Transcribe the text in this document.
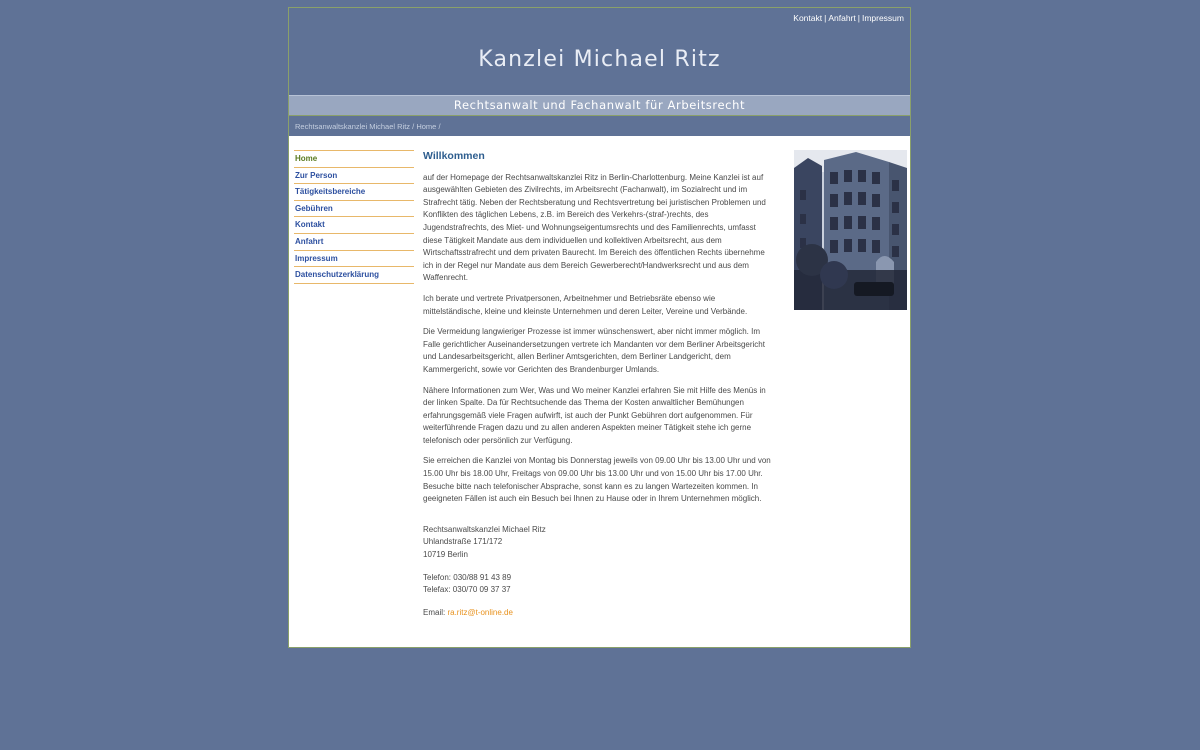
Kontakt | Anfahrt | Impressum
Kanzlei Michael Ritz
Rechtsanwalt und Fachanwalt für Arbeitsrecht
Rechtsanwaltskanzlei Michael Ritz / Home /
Home
Zur Person
Tätigkeitsbereiche
Gebühren
Kontakt
Anfahrt
Impressum
Datenschutzerklärung
Willkommen

auf der Homepage der Rechtsanwaltskanzlei Ritz in Berlin-Charlottenburg. Meine Kanzlei ist auf ausgewählten Gebieten des Zivilrechts, im Arbeitsrecht (Fachanwalt), im Sozialrecht und im Strafrecht tätig. Neben der Rechtsberatung und Rechtsvertretung bei juristischen Problemen und Konflikten des täglichen Lebens, z.B. im Bereich des Verkehrs-(straf-)rechts, des Jugendstrafrechts, des Miet- und Wohnungseigentumsrechts und des Familienrechts, umfasst diese Tätigkeit Mandate aus dem individuellen und kollektiven Arbeitsrecht, aus dem Wirtschaftsstrafrecht und dem privaten Baurecht. Im Bereich des öffentlichen Rechts übernehme ich in der Regel nur Mandate aus dem Bereich Gewerberecht/Handwerksrecht und aus dem Waffenrecht.

Ich berate und vertrete Privatpersonen, Arbeitnehmer und Betriebsräte ebenso wie mittelständische, kleine und kleinste Unternehmen und deren Leiter, Vereine und Verbände.

Die Vermeidung langwieriger Prozesse ist immer wünschenswert, aber nicht immer möglich. Im Falle gerichtlicher Auseinandersetzungen vertrete ich Mandanten vor dem Berliner Arbeitsgericht und Landesarbeitsgericht, allen Berliner Amtsgerichten, dem Berliner Landgericht, dem Kammergericht, sowie vor Gerichten des Brandenburger Umlands.

Nähere Informationen zum Wer, Was und Wo meiner Kanzlei erfahren Sie mit Hilfe des Menüs in der linken Spalte. Da für Rechtsuchende das Thema der Kosten anwaltlicher Bemühungen erfahrungsgemäß viele Fragen aufwirft, ist auch der Punkt Gebühren dort aufgenommen. Für weiterführende Fragen dazu und zu allen anderen Aspekten meiner Tätigkeit stehe ich gerne telefonisch oder persönlich zur Verfügung.

Sie erreichen die Kanzlei von Montag bis Donnerstag jeweils von 09.00 Uhr bis 13.00 Uhr und von 15.00 Uhr bis 18.00 Uhr, Freitags von 09.00 Uhr bis 13.00 Uhr und von 15.00 Uhr bis 17.00 Uhr. Besuche bitte nach telefonischer Absprache, sonst kann es zu langen Wartezeiten kommen. In geeigneten Fällen ist auch ein Besuch bei Ihnen zu Hause oder in Ihrem Unternehmen möglich.

Rechtsanwaltskanzlei Michael Ritz
Uhlandstraße 171/172
10719 Berlin
Telefon: 030/88 91 43 89
Telefax: 030/70 09 37 37
Email: ra.ritz@t-online.de
